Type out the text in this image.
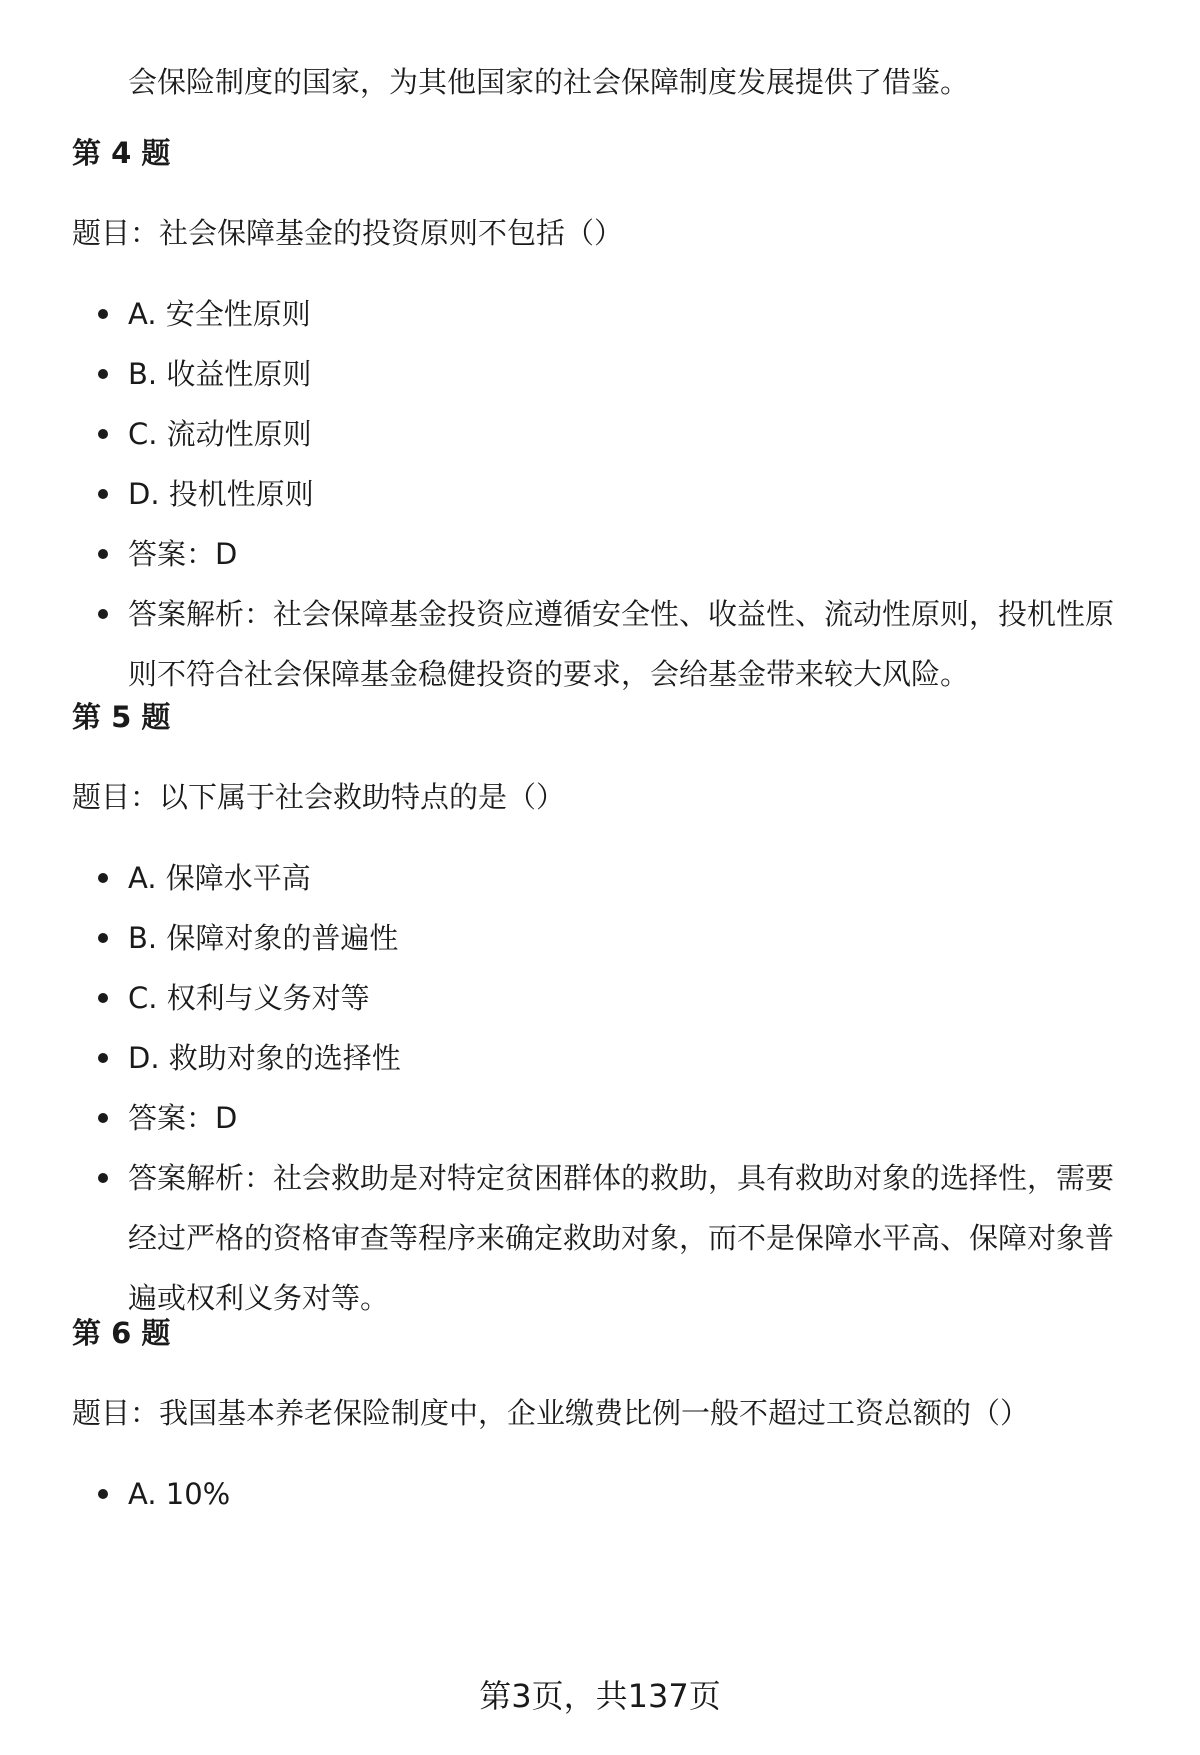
会保险制度的国家，为其他国家的社会保障制度发展提供了借鉴。

第 4 题

题目：社会保障基金的投资原则不包括（）

A. 安全性原则
B. 收益性原则
C. 流动性原则
D. 投机性原则
答案：D
答案解析：社会保障基金投资应遵循安全性、收益性、流动性原则，投机性原则不符合社会保障基金稳健投资的要求，会给基金带来较大风险。
第 5 题

题目：以下属于社会救助特点的是（）

A. 保障水平高
B. 保障对象的普遍性
C. 权利与义务对等
D. 救助对象的选择性
答案：D
答案解析：社会救助是对特定贫困群体的救助，具有救助对象的选择性，需要经过严格的资格审查等程序来确定救助对象，而不是保障水平高、保障对象普遍或权利义务对等。
第 6 题

题目：我国基本养老保险制度中，企业缴费比例一般不超过工资总额的（）

A. 10%
第3页，共137页
